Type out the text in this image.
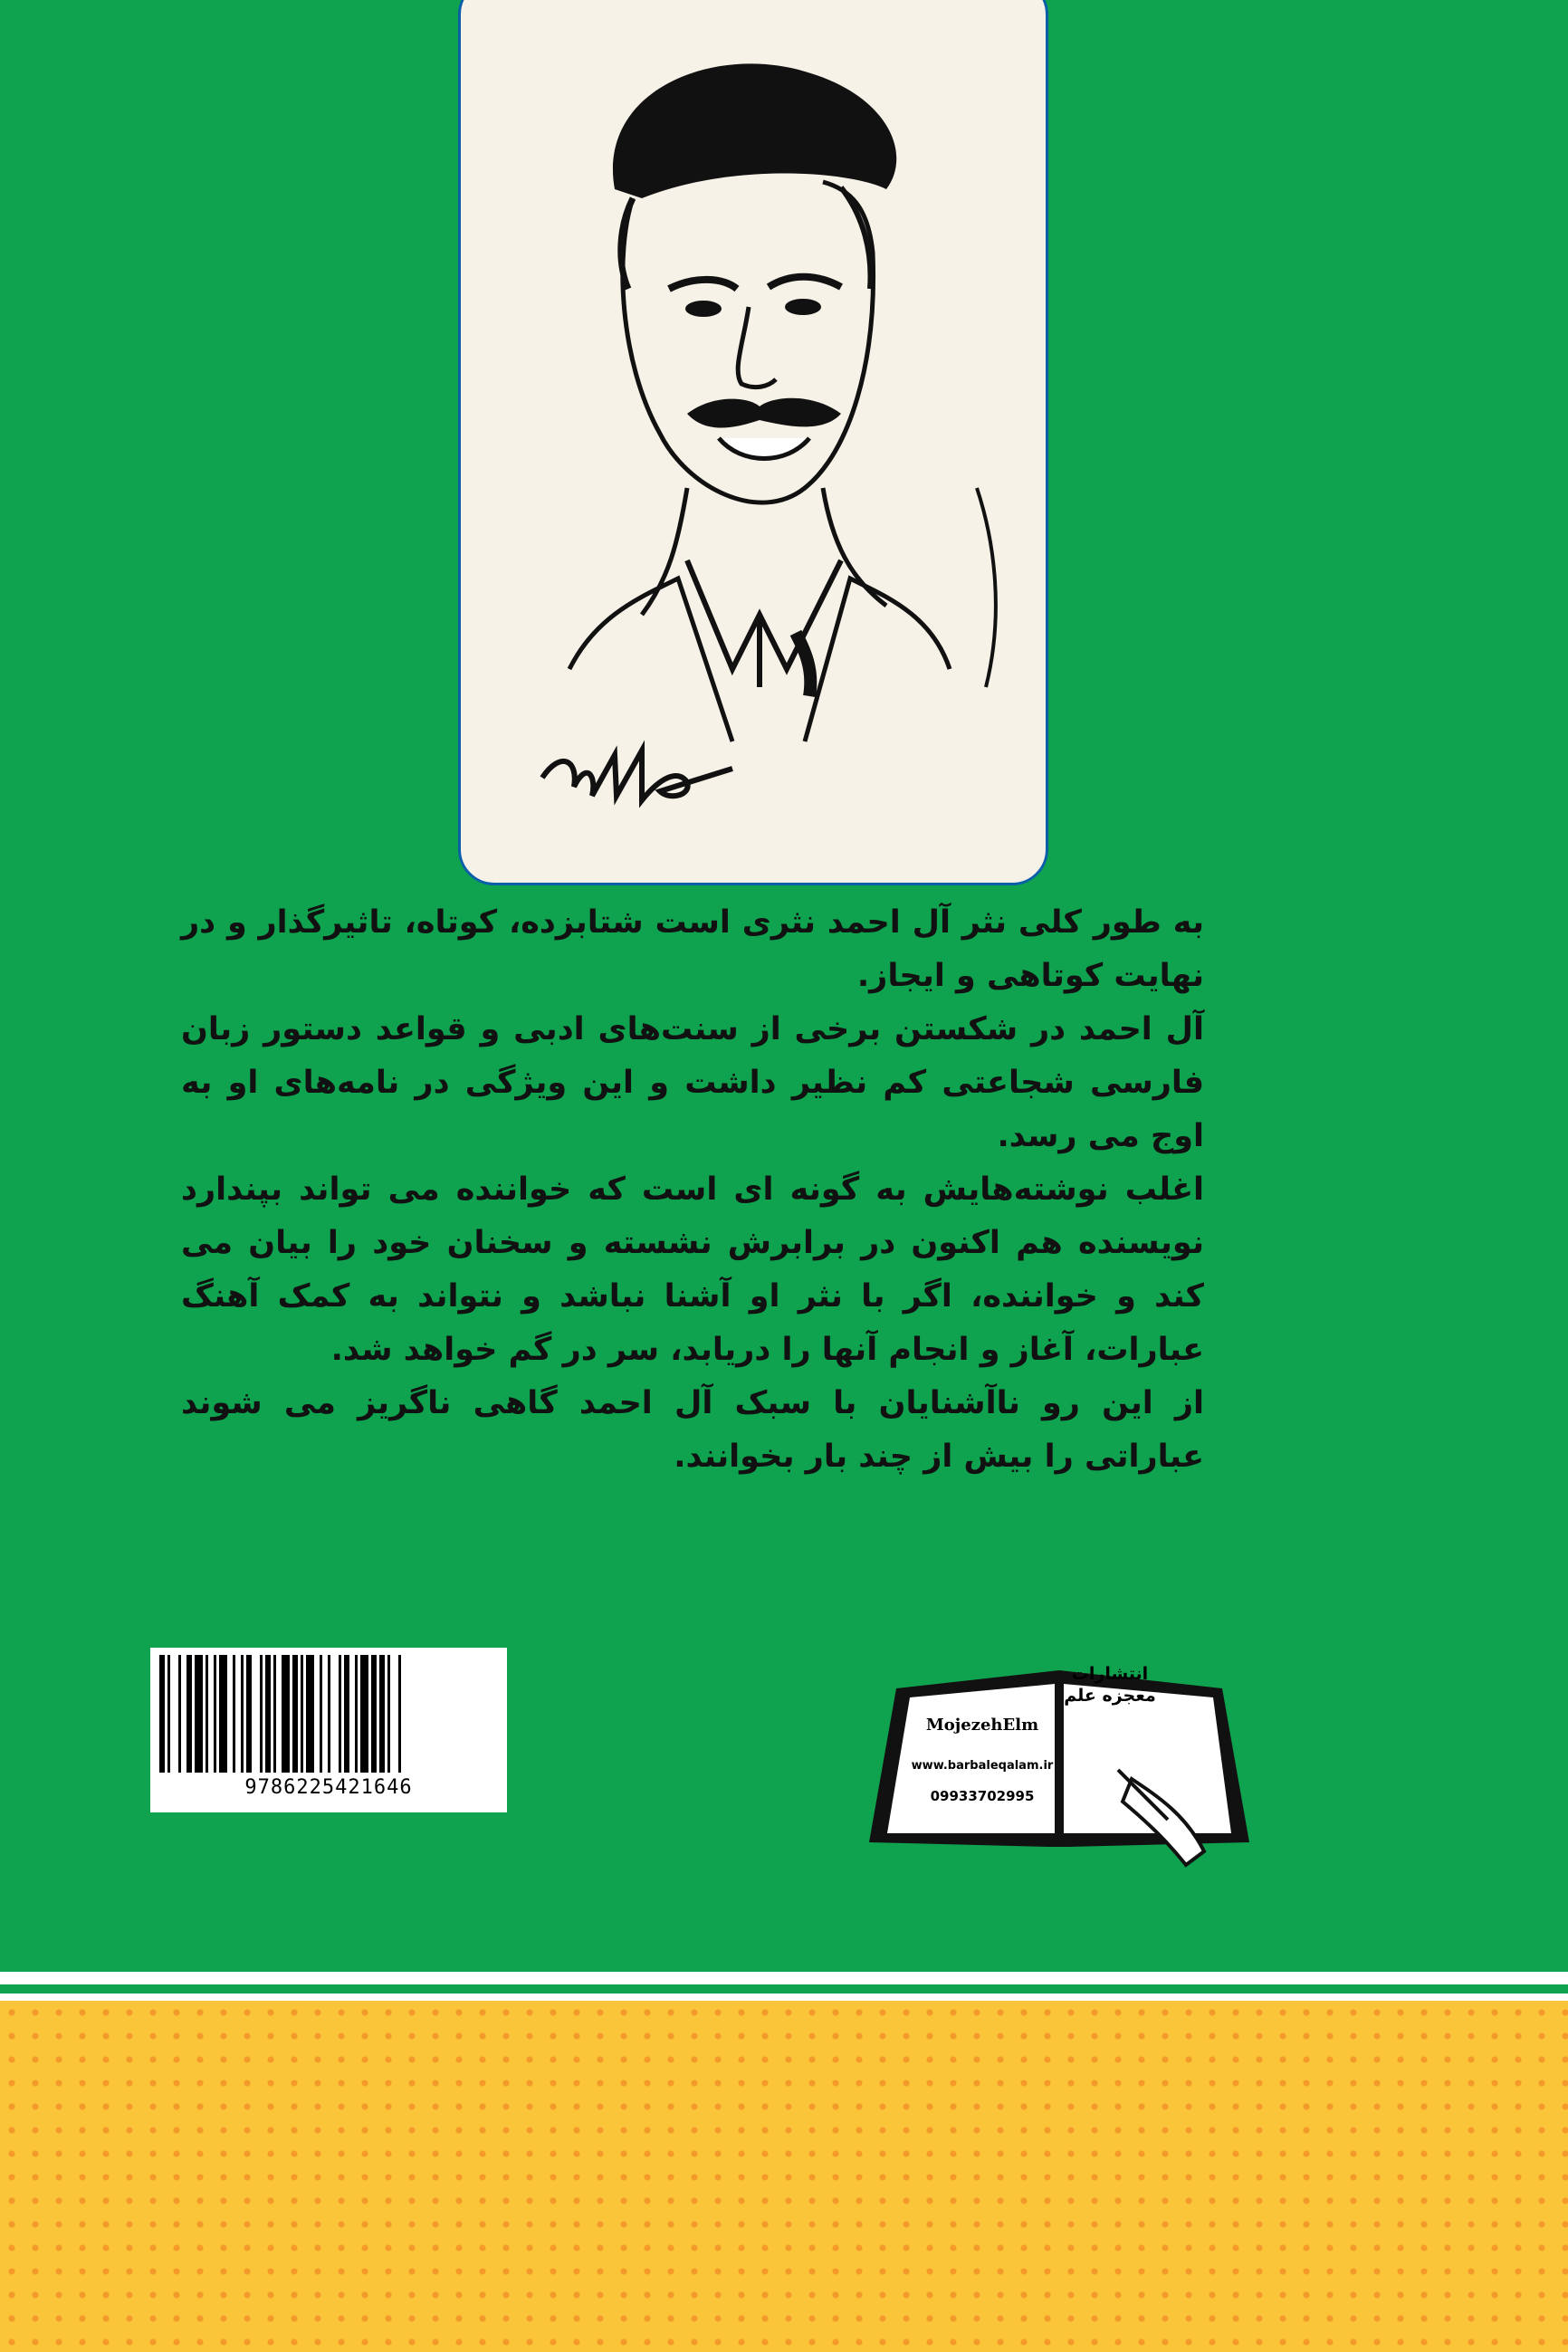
به طور کلی نثر آل احمد نثری است شتابزده، کوتاه، تاثیرگذار و در نهایت کوتاهی و ایجاز.

آل احمد در شکستن برخی از سنت‌های ادبی و قواعد دستور زبان فارسی شجاعتی کم نظیر داشت و این ویژگی در نامه‌های او به اوج می رسد.

اغلب نوشته‌هایش به گونه ای است که خواننده می تواند بپندارد نویسنده هم اکنون در برابرش نشسته و سخنان خود را بیان می کند و خواننده، اگر با نثر او آشنا نباشد و نتواند به کمک آهنگ عبارات، آغاز و انجام آنها را دریابد، سر در گم خواهد شد.

از این رو ناآشنایان با سبک آل احمد گاهی ناگریز می شوند عباراتی را بیش از چند بار بخوانند.

9786225421646
انتشارات
معجزه علم
MojezehElm
www.barbaleqalam.ir
09933702995
